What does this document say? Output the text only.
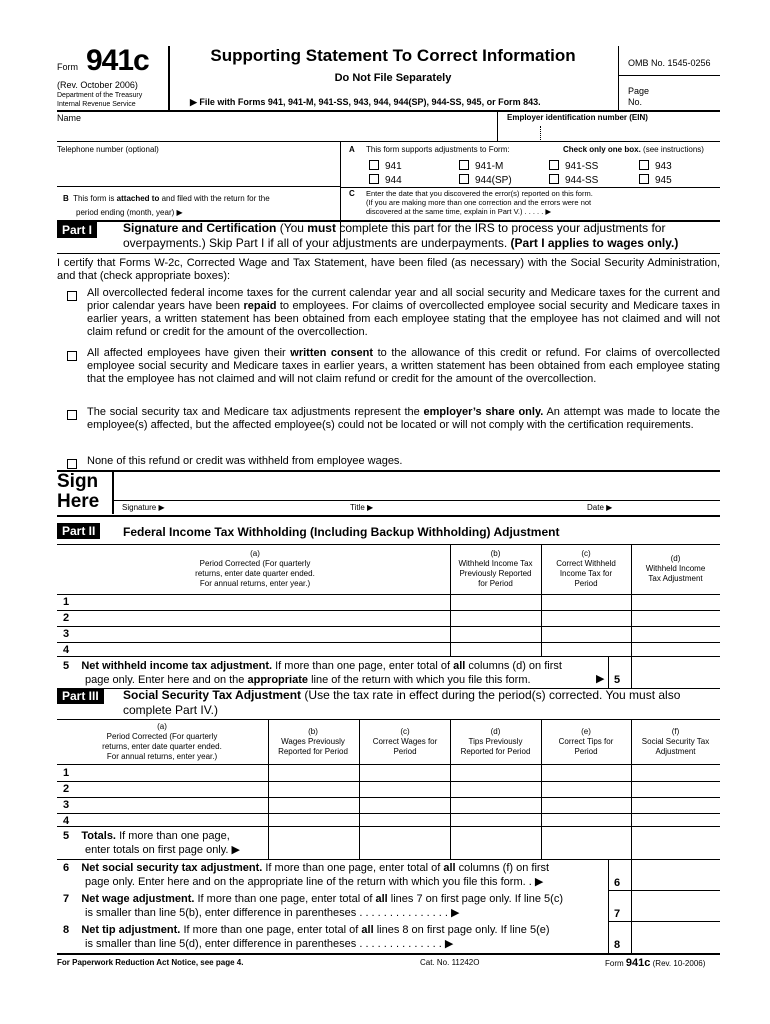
Form 941c
(Rev. October 2006)
Department of the Treasury
Internal Revenue Service
Supporting Statement To Correct Information
Do Not File Separately
▶ File with Forms 941, 941-M, 941-SS, 943, 944, 944(SP), 944-SS, 945, or Form 843.
OMB No. 1545-0256
Page
No.
Name	Employer identification number (EIN)
Telephone number (optional)	A This form supports adjustments to Form:	Check only one box. (see instructions)
941	941-M	941-SS	943
944	944(SP)	944-SS	945
B This form is attached to and filed with the return for the
period ending (month, year) ▶
C Enter the date that you discovered the error(s) reported on this form.
(If you are making more than one correction and the errors were not
discovered at the same time, explain in Part V.) . . . . . ▶
Part I	Signature and Certification (You must complete this part for the IRS to process your adjustments for
overpayments.) Skip Part I if all of your adjustments are underpayments. (Part I applies to wages only.)
I certify that Forms W-2c, Corrected Wage and Tax Statement, have been filed (as necessary) with the Social Security Administration, and that (check appropriate boxes):
All overcollected federal income taxes for the current calendar year and all social security and Medicare taxes for the current and prior calendar years have been repaid to employees. For claims of overcollected employee social security and Medicare taxes in earlier years, a written statement has been obtained from each employee stating that the employee has not claimed and will not claim refund or credit for the amount of the overcollection.
All affected employees have given their written consent to the allowance of this credit or refund. For claims of overcollected employee social security and Medicare taxes in earlier years, a written statement has been obtained from each employee stating that the employee has not claimed and will not claim refund or credit for the amount of the overcollection.
The social security tax and Medicare tax adjustments represent the employer’s share only. An attempt was made to locate the employee(s) affected, but the affected employee(s) could not be located or will not comply with the certification requirements.
None of this refund or credit was withheld from employee wages.
Sign
Here	Signature ▶	Title ▶	Date ▶
Part II	Federal Income Tax Withholding (Including Backup Withholding) Adjustment
(a)
Period Corrected (For quarterly
returns, enter date quarter ended.
For annual returns, enter year.)
(b)
Withheld Income Tax
Previously Reported
for Period
(c)
Correct Withheld
Income Tax for
Period
(d)
Withheld Income
Tax Adjustment
1
2
3
4
5 Net withheld income tax adjustment. If more than one page, enter total of all columns (d) on first
page only. Enter here and on the appropriate line of the return with which you file this form.	▶ 5
Part III	Social Security Tax Adjustment (Use the tax rate in effect during the period(s) corrected. You must also
complete Part IV.)
(a)
Period Corrected (For quarterly
returns, enter date quarter ended.
For annual returns, enter year.)
(b)
Wages Previously
Reported for Period
(c)
Correct Wages for
Period
(d)
Tips Previously
Reported for Period
(e)
Correct Tips for
Period
(f)
Social Security Tax
Adjustment
1
2
3
4
5 Totals. If more than one page,
enter totals on first page only. ▶
6 Net social security tax adjustment. If more than one page, enter total of all columns (f) on first
page only. Enter here and on the appropriate line of the return with which you file this form. . ▶	6
7 Net wage adjustment. If more than one page, enter total of all lines 7 on first page only. If line 5(c)
is smaller than line 5(b), enter difference in parentheses . . . . . . . . . . . . . . . ▶	7
8 Net tip adjustment. If more than one page, enter total of all lines 8 on first page only. If line 5(e)
is smaller than line 5(d), enter difference in parentheses . . . . . . . . . . . . . . ▶	8
For Paperwork Reduction Act Notice, see page 4.	Cat. No. 11242O	Form 941c (Rev. 10-2006)
